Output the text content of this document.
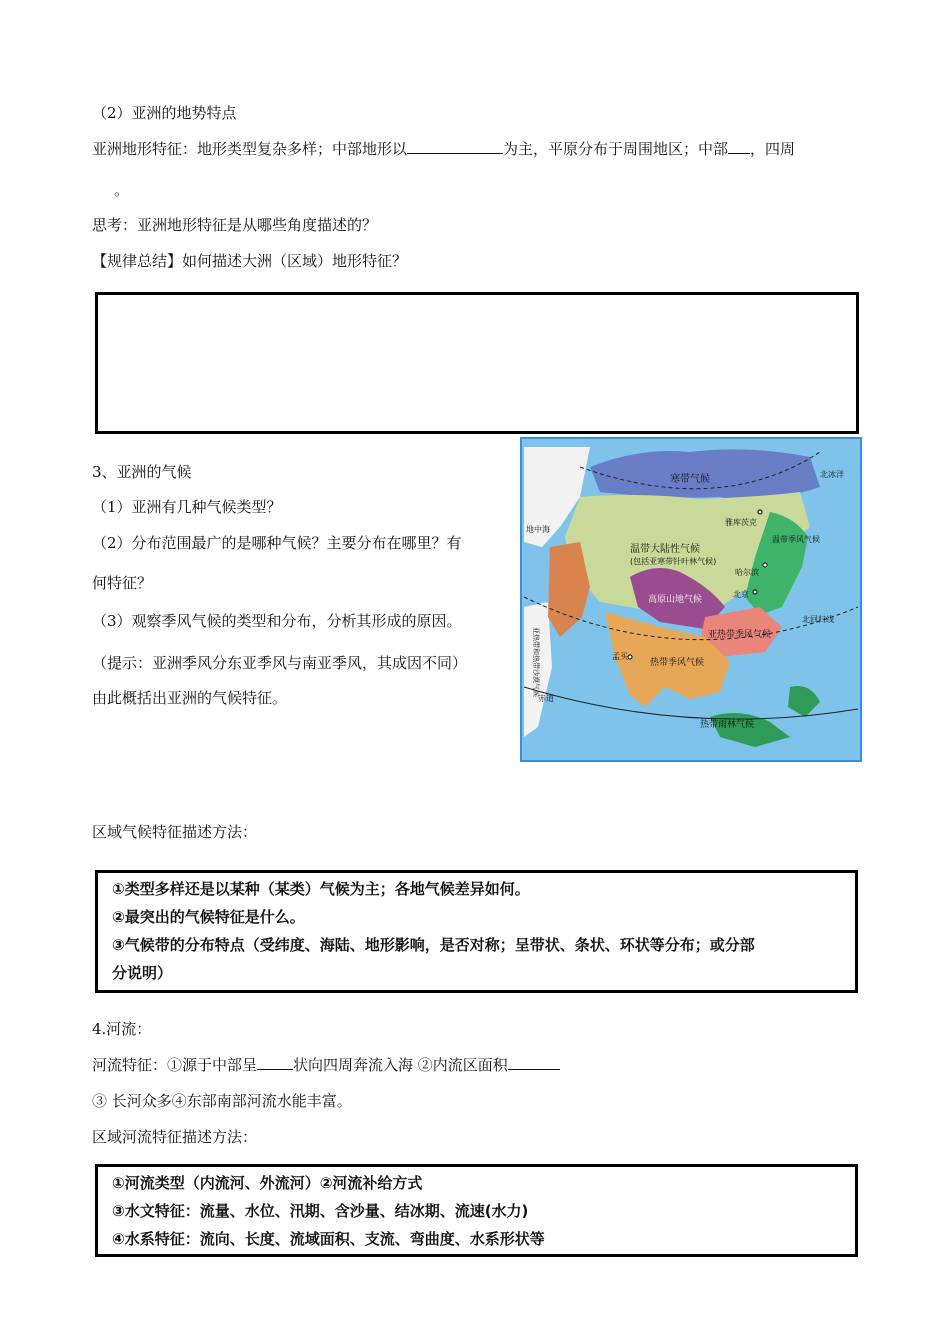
（2）亚洲的地势特点
亚洲地形特征：地形类型复杂多样；中部地形以	为主，平原分布于周围地区；中部 ，四周
。
思考：亚洲地形特征是从哪些角度描述的？
【规律总结】如何描述大洲（区域）地形特征？
3、亚洲的气候
（1）亚洲有几种气候类型？
（2）分布范围最广的是哪种气候？主要分布在哪里？有
何特征？
（3）观察季风气候的类型和分布，分析其形成的原因。
（提示：亚洲季风分东亚季风与南亚季风，其成因不同）
由此概括出亚洲的气候特征。
寒带气候	北冰洋
雅库茨克
温带大陆性气候
(包括亚寒带针叶林气候)
温带季风气候
哈尔滨
北京
高原山地气候
亚热带季风气候
北回归线
热带季风气候
孟买
赤道
热带雨林气候
地中海
亚热带和热带沙漠气候
区域气候特征描述方法：
①类型多样还是以某种（某类）气候为主；各地气候差异如何。
②最突出的气候特征是什么。
③气候带的分布特点（受纬度、海陆、地形影响，是否对称；呈带状、条状、环状等分布；或分部
分说明）
4.河流：
河流特征：①源于中部呈 状向四周奔流入海 ②内流区面积
③ 长河众多④东部南部河流水能丰富。
区域河流特征描述方法：
①河流类型（内流河、外流河）②河流补给方式
③水文特征：流量、水位、汛期、含沙量、结冰期、流速(水力)
④水系特征：流向、长度、流域面积、支流、弯曲度、水系形状等
